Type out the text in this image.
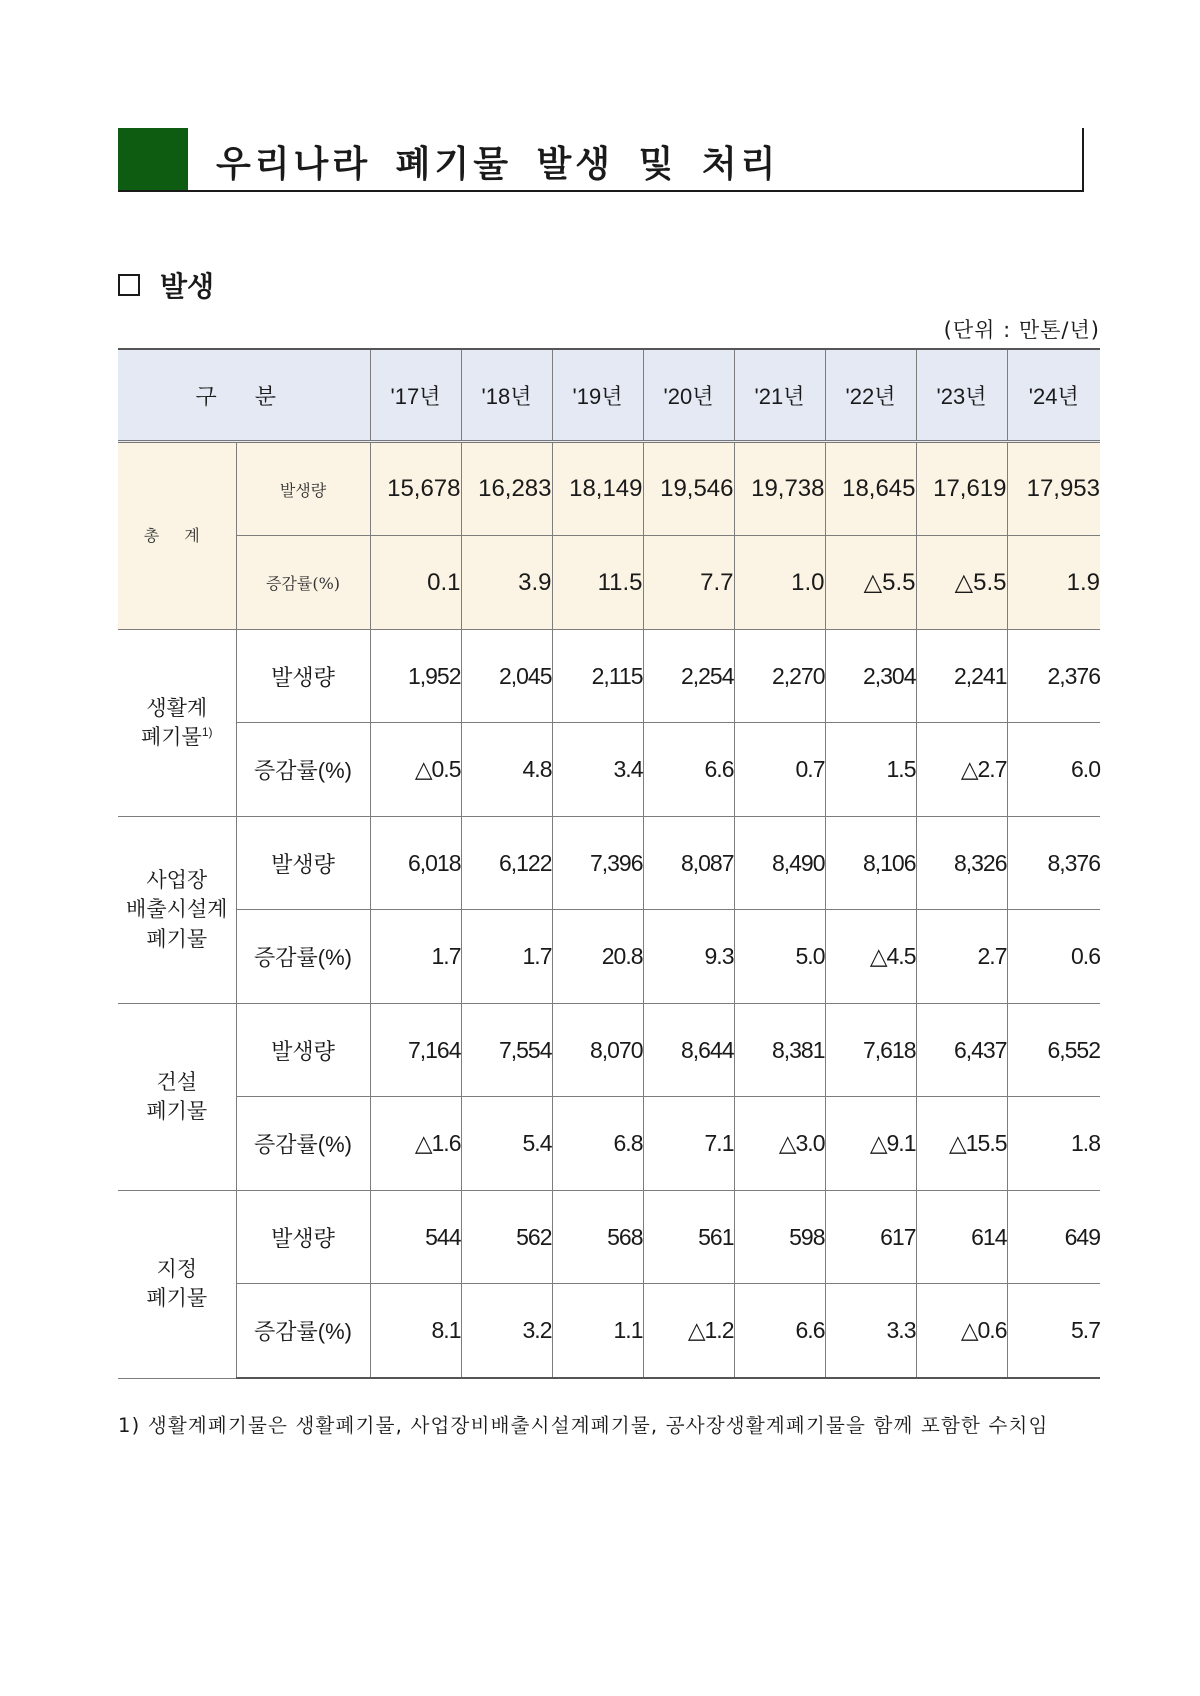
우리나라 폐기물 발생 및 처리
발생
(단위 : 만톤/년)
구 분		'17년	'18년	'19년	'20년	'21년	'22년	'23년	'24년
총 계	발생량	15,678	16,283	18,149	19,546	19,738	18,645	17,619	17,953
	증감률(%)	0.1	3.9	11.5	7.7	1.0	△5.5	△5.5	1.9
생활계
폐기물$^{1)}$	발생량	1,952	2,045	2,115	2,254	2,270	2,304	2,241	2,376
	증감률(%)	△0.5	4.8	3.4	6.6	0.7	1.5	△2.7	6.0
사업장
배출시설계
폐기물	발생량	6,018	6,122	7,396	8,087	8,490	8,106	8,326	8,376
	증감률(%)	1.7	1.7	20.8	9.3	5.0	△4.5	2.7	0.6
건설
폐기물	발생량	7,164	7,554	8,070	8,644	8,381	7,618	6,437	6,552
	증감률(%)	△1.6	5.4	6.8	7.1	△3.0	△9.1	△15.5	1.8
지정
폐기물	발생량	544	562	568	561	598	617	614	649
	증감률(%)	8.1	3.2	1.1	△1.2	6.6	3.3	△0.6	5.7
1) 생활계폐기물은 생활폐기물, 사업장비배출시설계폐기물, 공사장생활계폐기물을 함께 포함한 수치임
